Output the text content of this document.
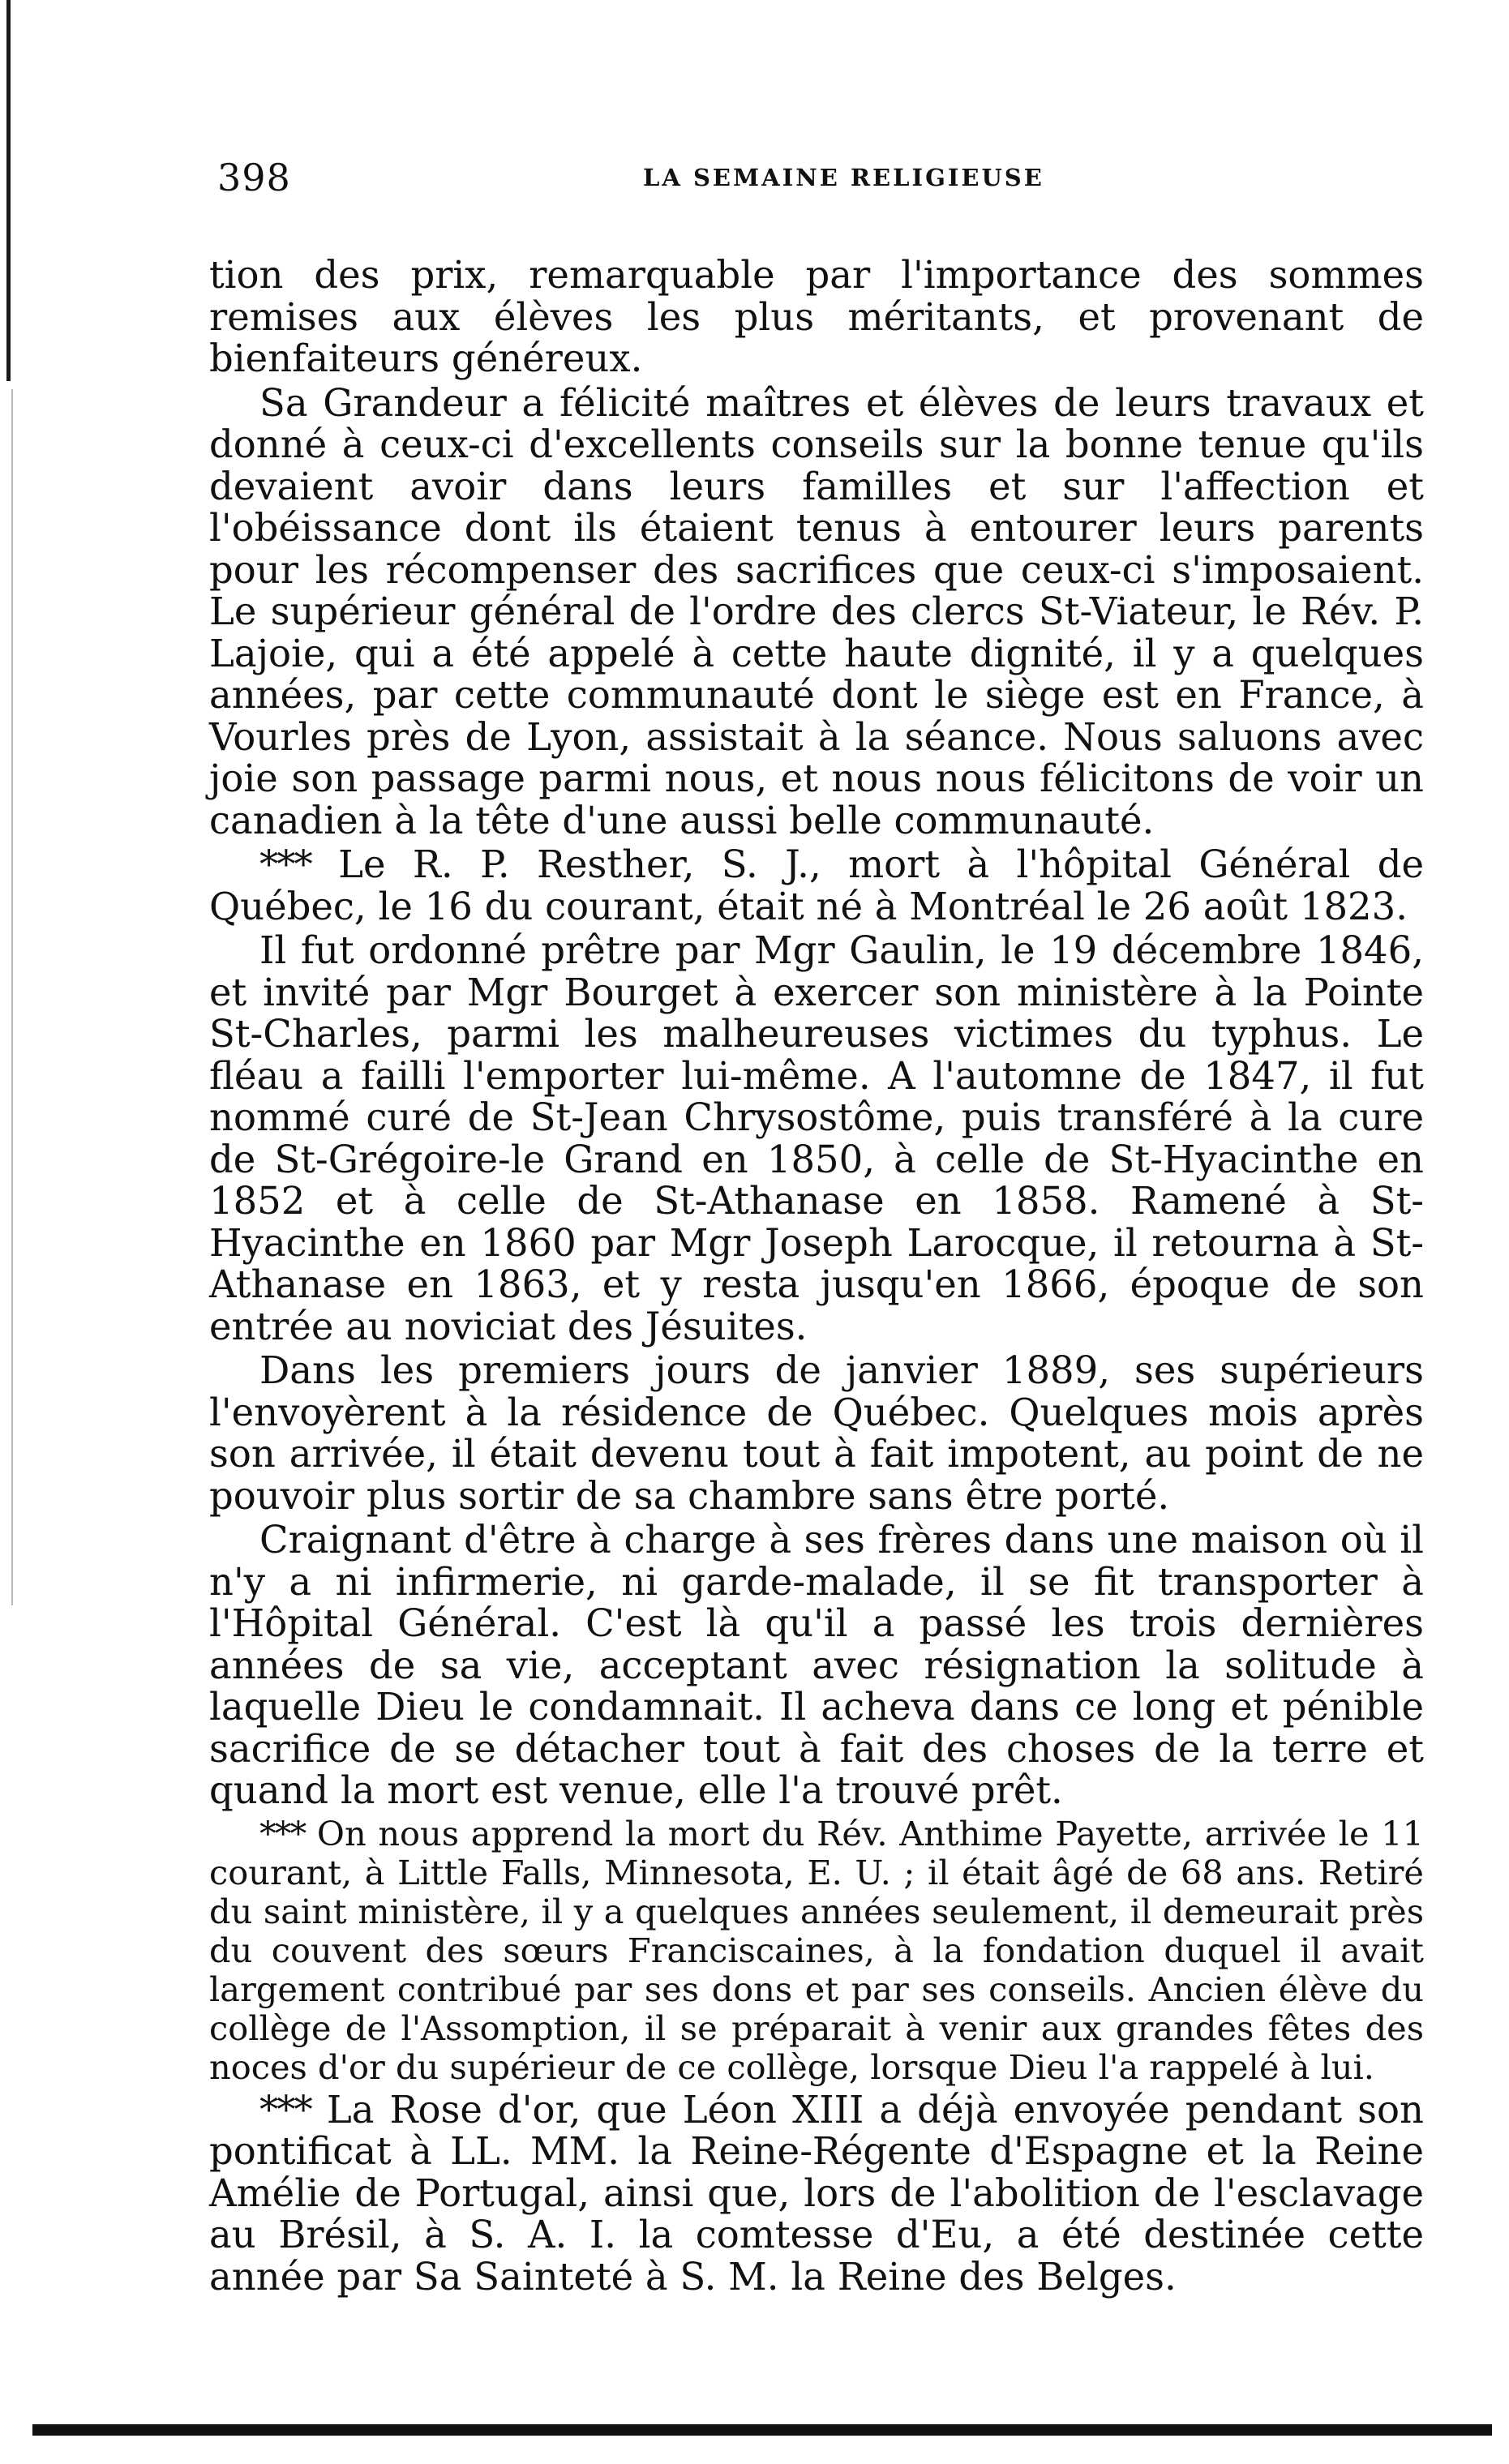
398	LA SEMAINE RELIGIEUSE

tion des prix, remarquable par l'importance des sommes remises aux élèves les plus méritants, et provenant de bienfaiteurs généreux.

Sa Grandeur a félicité maîtres et élèves de leurs travaux et donné à ceux-ci d'excellents conseils sur la bonne tenue qu'ils devaient avoir dans leurs familles et sur l'affection et l'obéissance dont ils étaient tenus à entourer leurs parents pour les récompenser des sacrifices que ceux-ci s'imposaient. Le supérieur général de l'ordre des clercs St-Viateur, le Rév. P. Lajoie, qui a été appelé à cette haute dignité, il y a quelques années, par cette communauté dont le siège est en France, à Vourles près de Lyon, assistait à la séance. Nous saluons avec joie son passage parmi nous, et nous nous félicitons de voir un canadien à la tête d'une aussi belle communauté.

*** Le R. P. Resther, S. J., mort à l'hôpital Général de Québec, le 16 du courant, était né à Montréal le 26 août 1823.

Il fut ordonné prêtre par Mgr Gaulin, le 19 décembre 1846, et invité par Mgr Bourget à exercer son ministère à la Pointe St-Charles, parmi les malheureuses victimes du typhus. Le fléau a failli l'emporter lui-même. A l'automne de 1847, il fut nommé curé de St-Jean Chrysostôme, puis transféré à la cure de St-Grégoire-le Grand en 1850, à celle de St-Hyacinthe en 1852 et à celle de St-Athanase en 1858. Ramené à St-Hyacinthe en 1860 par Mgr Joseph Larocque, il retourna à St-Athanase en 1863, et y resta jusqu'en 1866, époque de son entrée au noviciat des Jésuites.

Dans les premiers jours de janvier 1889, ses supérieurs l'envoyèrent à la résidence de Québec. Quelques mois après son arrivée, il était devenu tout à fait impotent, au point de ne pouvoir plus sortir de sa chambre sans être porté.

Craignant d'être à charge à ses frères dans une maison où il n'y a ni infirmerie, ni garde-malade, il se fit transporter à l'Hôpital Général. C'est là qu'il a passé les trois dernières années de sa vie, acceptant avec résignation la solitude à laquelle Dieu le condamnait. Il acheva dans ce long et pénible sacrifice de se détacher tout à fait des choses de la terre et quand la mort est venue, elle l'a trouvé prêt.

*** On nous apprend la mort du Rév. Anthime Payette, arrivée le 11 courant, à Little Falls, Minnesota, E. U. ; il était âgé de 68 ans. Retiré du saint ministère, il y a quelques années seulement, il demeurait près du couvent des sœurs Franciscaines, à la fondation duquel il avait largement contribué par ses dons et par ses conseils. Ancien élève du collège de l'Assomption, il se préparait à venir aux grandes fêtes des noces d'or du supérieur de ce collège, lorsque Dieu l'a rappelé à lui.

*** La Rose d'or, que Léon XIII a déjà envoyée pendant son pontificat à LL. MM. la Reine-Régente d'Espagne et la Reine Amélie de Portugal, ainsi que, lors de l'abolition de l'esclavage au Brésil, à S. A. I. la comtesse d'Eu, a été destinée cette année par Sa Sainteté à S. M. la Reine des Belges.
